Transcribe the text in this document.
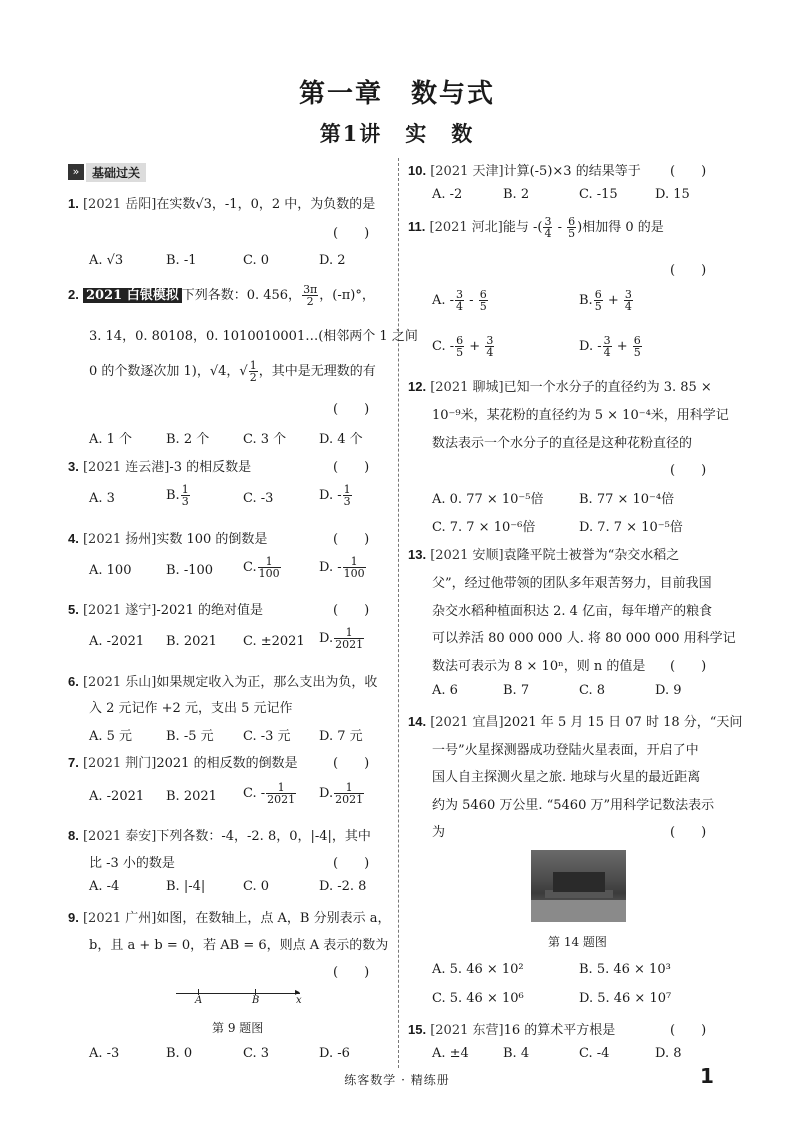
第一章　数与式
第1讲　实　数
»	基础过关
1. [2021 岳阳]在实数√3，-1，0，2 中，为负数的是
(　　)
A. √3	B. -1	C. 0	D. 2
2. 2021 白银模拟 下列各数：0. 456， $\frac{3\pi}{2}$ ，(-π)°，
3. 14，0. 80108，0. 1010010001…(相邻两个 1 之间
0 的个数逐次加 1)，√4，√ $\frac{1}{2}$ ，其中是无理数的有
(　　)
A. 1 个	B. 2 个	C. 3 个	D. 4 个
3. [2021 连云港]-3 的相反数是	(　　)
A. 3	B. $\frac{1}{3}$	C. -3	D. - $\frac{1}{3}$
4. [2021 扬州]实数 100 的倒数是	(　　)
A. 100	B. -100 C. $\frac{1}{100}$	D. - $\frac{1}{100}$
5. [2021 遂宁]-2021 的绝对值是	(　　)
A. -2021 B. 2021 C. ±2021 D. $\frac{1}{2021}$
6. [2021 乐山]如果规定收入为正，那么支出为负，收
入 2 元记作 +2 元，支出 5 元记作
A. 5 元	B. -5 元 C. -3 元 D. 7 元
7. [2021 荆门]2021 的相反数的倒数是	(　　)
A. -2021 B. 2021 C. - $\frac{1}{2021} D$. $\frac{1}{2021}$
8. [2021 泰安]下列各数：-4，-2. 8，0，|-4|，其中
比 -3 小的数是	(　　)
A. -4	B. |-4|	C. 0	D. -2. 8
9. [2021 广州]如图，在数轴上，点 A，B 分别表示 a，
b，且 a + b = 0，若 AB = 6，则点 A 表示的数为
(　　)
▸
A	B	x
第 9 题图
A. -3	B. 0	C. 3	D. -6
10. [2021 天津]计算(-5)×3 的结果等于 (　　)
A. -2	B. 2	C. -15	D. 15
11. [2021 河北]能与 -( $\frac{3}{4} - \frac{6}{5}$ )相加得 0 的是
(　　)
A. - $\frac{3}{4} - \frac{6}{5}$	B. $\frac{6}{5} + \frac{3}{4}$
C. - $\frac{6}{5} + \frac{3}{4}$	D. - $\frac{3}{4} + \frac{6}{5}$
12. [2021 聊城]已知一个水分子的直径约为 3. 85 ×
10⁻⁹米，某花粉的直径约为 5 × 10⁻⁴米，用科学记
数法表示一个水分子的直径是这种花粉直径的
(　　)
A. 0. 77 × 10⁻⁵倍	B. 77 × 10⁻⁴倍
C. 7. 7 × 10⁻⁶倍	D. 7. 7 × 10⁻⁵倍
13. [2021 安顺]袁隆平院士被誉为“杂交水稻之
父”，经过他带领的团队多年艰苦努力，目前我国
杂交水稻种植面积达 2. 4 亿亩，每年增产的粮食
可以养活 80 000 000 人. 将 80 000 000 用科学记
数法可表示为 8 × 10ⁿ，则 n 的值是 (　　)
A. 6	B. 7	C. 8	D. 9
14. [2021 宜昌]2021 年 5 月 15 日 07 时 18 分，“天问
一号”火星探测器成功登陆火星表面，开启了中
国人自主探测火星之旅. 地球与火星的最近距离
约为 5460 万公里. “5460 万”用科学记数法表示
为	(　　)
第 14 题图
A. 5. 46 × 10²	B. 5. 46 × 10³
C. 5. 46 × 10⁶	D. 5. 46 × 10⁷
15. [2021 东营]16 的算术平方根是	(　　)
A. ±4	B. 4	C. -4	D. 8
练客数学 · 精练册	1
